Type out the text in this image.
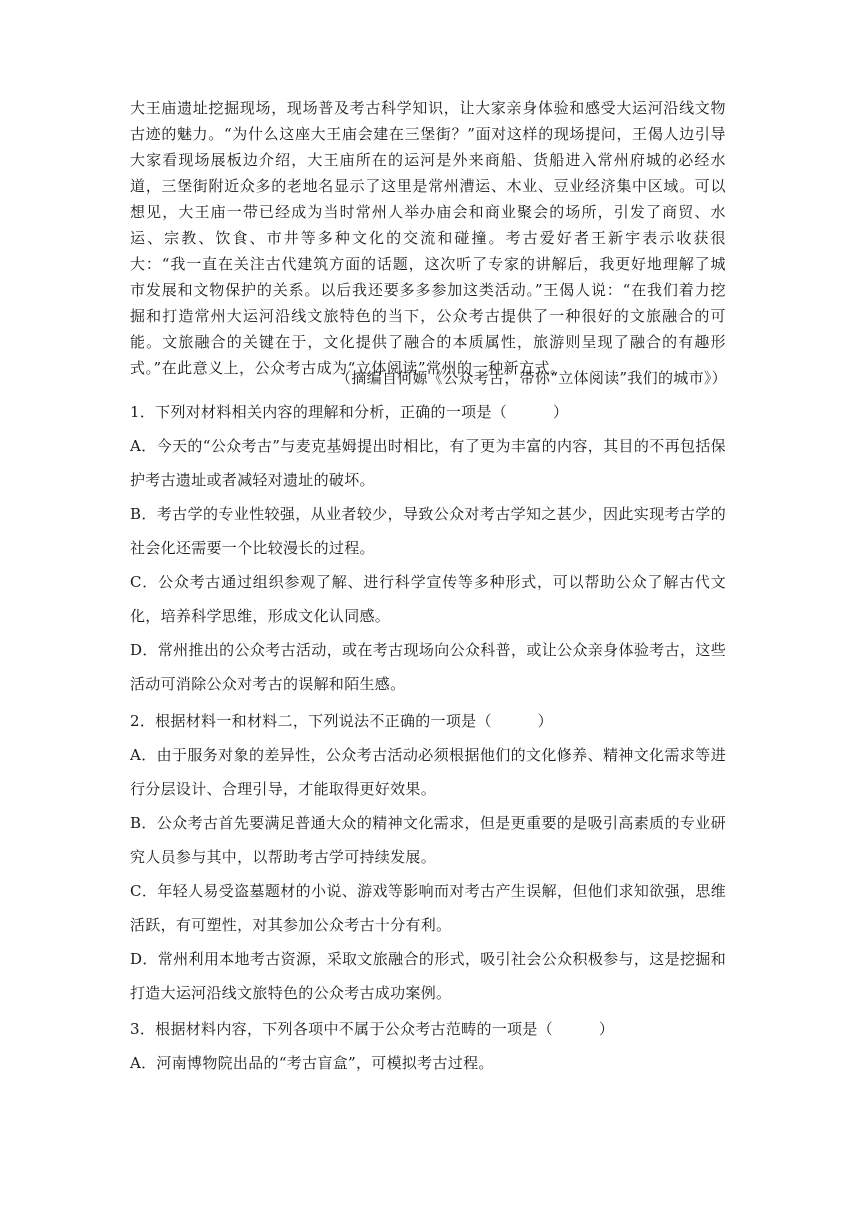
大王庙遗址挖掘现场，现场普及考古科学知识，让大家亲身体验和感受大运河沿线文物古迹的魅力。“为什么这座大王庙会建在三堡街？”面对这样的现场提问，王偈人边引导大家看现场展板边介绍，大王庙所在的运河是外来商船、货船进入常州府城的必经水道，三堡街附近众多的老地名显示了这里是常州漕运、木业、豆业经济集中区域。可以想见，大王庙一带已经成为当时常州人举办庙会和商业聚会的场所，引发了商贸、水运、宗教、饮食、市井等多种文化的交流和碰撞。考古爱好者王新宇表示收获很大：“我一直在关注古代建筑方面的话题，这次听了专家的讲解后，我更好地理解了城市发展和文物保护的关系。以后我还要多多参加这类活动。”王偈人说：“在我们着力挖掘和打造常州大运河沿线文旅特色的当下，公众考古提供了一种很好的文旅融合的可能。文旅融合的关键在于，文化提供了融合的本质属性，旅游则呈现了融合的有趣形式。”在此意义上，公众考古成为“立体阅读”常州的一种新方式。

（摘编自何嫄《公众考古，带你“立体阅读”我们的城市》）

1．下列对材料相关内容的理解和分析，正确的一项是（　　　）

A．今天的“公众考古”与麦克基姆提出时相比，有了更为丰富的内容，其目的不再包括保护考古遗址或者减轻对遗址的破坏。

B．考古学的专业性较强，从业者较少，导致公众对考古学知之甚少，因此实现考古学的社会化还需要一个比较漫长的过程。

C．公众考古通过组织参观了解、进行科学宣传等多种形式，可以帮助公众了解古代文化，培养科学思维，形成文化认同感。

D．常州推出的公众考古活动，或在考古现场向公众科普，或让公众亲身体验考古，这些活动可消除公众对考古的误解和陌生感。

2．根据材料一和材料二，下列说法不正确的一项是（　　　）

A．由于服务对象的差异性，公众考古活动必须根据他们的文化修养、精神文化需求等进行分层设计、合理引导，才能取得更好效果。

B．公众考古首先要满足普通大众的精神文化需求，但是更重要的是吸引高素质的专业研究人员参与其中，以帮助考古学可持续发展。

C．年轻人易受盗墓题材的小说、游戏等影响而对考古产生误解，但他们求知欲强，思维活跃，有可塑性，对其参加公众考古十分有利。

D．常州利用本地考古资源，采取文旅融合的形式，吸引社会公众积极参与，这是挖掘和打造大运河沿线文旅特色的公众考古成功案例。

3．根据材料内容，下列各项中不属于公众考古范畴的一项是（　　　）

A．河南博物院出品的“考古盲盒”，可模拟考古过程。
